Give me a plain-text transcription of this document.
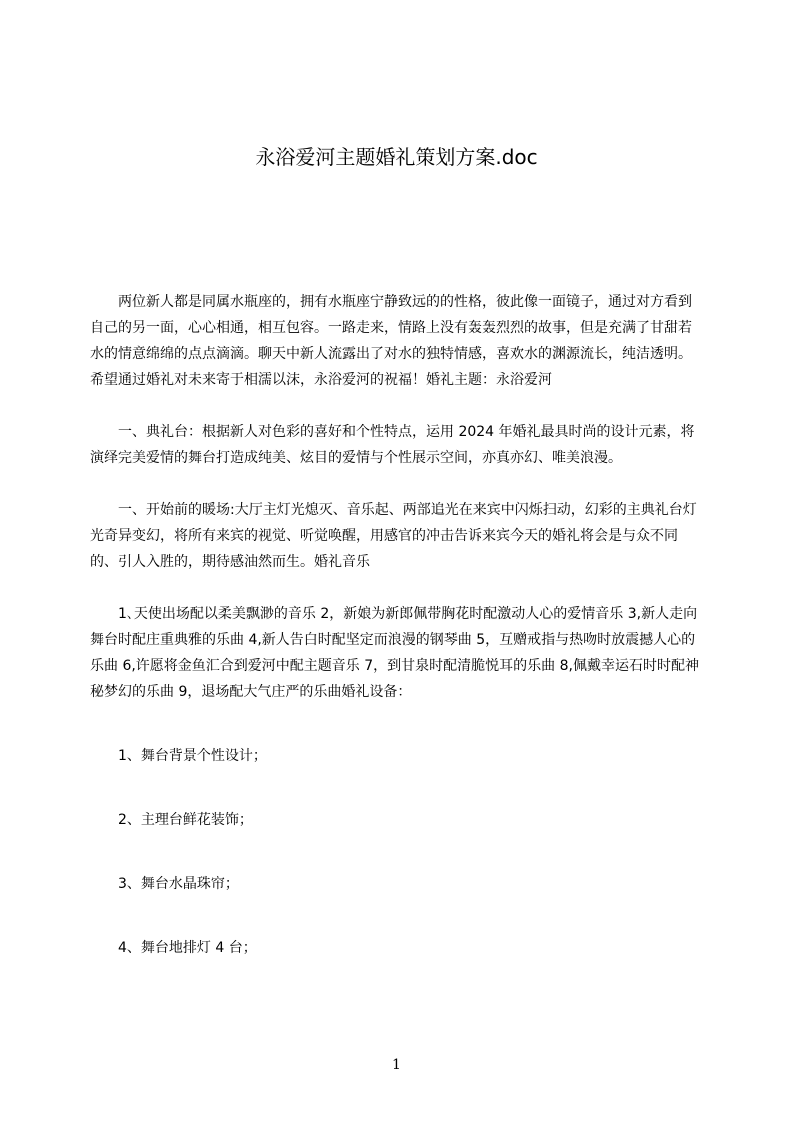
永浴爱河主题婚礼策划方案.doc

两位新人都是同属水瓶座的，拥有水瓶座宁静致远的的性格，彼此像一面镜子，通过对方看到自己的另一面，心心相通，相互包容。一路走来，情路上没有轰轰烈烈的故事，但是充满了甘甜若水的情意绵绵的点点滴滴。聊天中新人流露出了对水的独特情感，喜欢水的渊源流长，纯洁透明。希望通过婚礼对未来寄于相濡以沫，永浴爱河的祝福！婚礼主题：永浴爱河

一、典礼台：根据新人对色彩的喜好和个性特点，运用 2024 年婚礼最具时尚的设计元素，将演绎完美爱情的舞台打造成纯美、炫目的爱情与个性展示空间，亦真亦幻、唯美浪漫。

一、开始前的暖场:大厅主灯光熄灭、音乐起、两部追光在来宾中闪烁扫动，幻彩的主典礼台灯光奇异变幻，将所有来宾的视觉、听觉唤醒，用感官的冲击告诉来宾今天的婚礼将会是与众不同的、引人入胜的，期待感油然而生。婚礼音乐

1､天使出场配以柔美飘渺的音乐 2，新娘为新郎佩带胸花时配激动人心的爱情音乐 3,新人走向舞台时配庄重典雅的乐曲 4,新人告白时配坚定而浪漫的钢琴曲 5，互赠戒指与热吻时放震撼人心的乐曲 6,许愿将金鱼汇合到爱河中配主题音乐 7，到甘泉时配清脆悦耳的乐曲 8,佩戴幸运石时时配神秘梦幻的乐曲 9，退场配大气庄严的乐曲婚礼设备：

1、舞台背景个性设计；

2、主理台鲜花装饰；

3、舞台水晶珠帘；

4、舞台地排灯 4 台；

1
